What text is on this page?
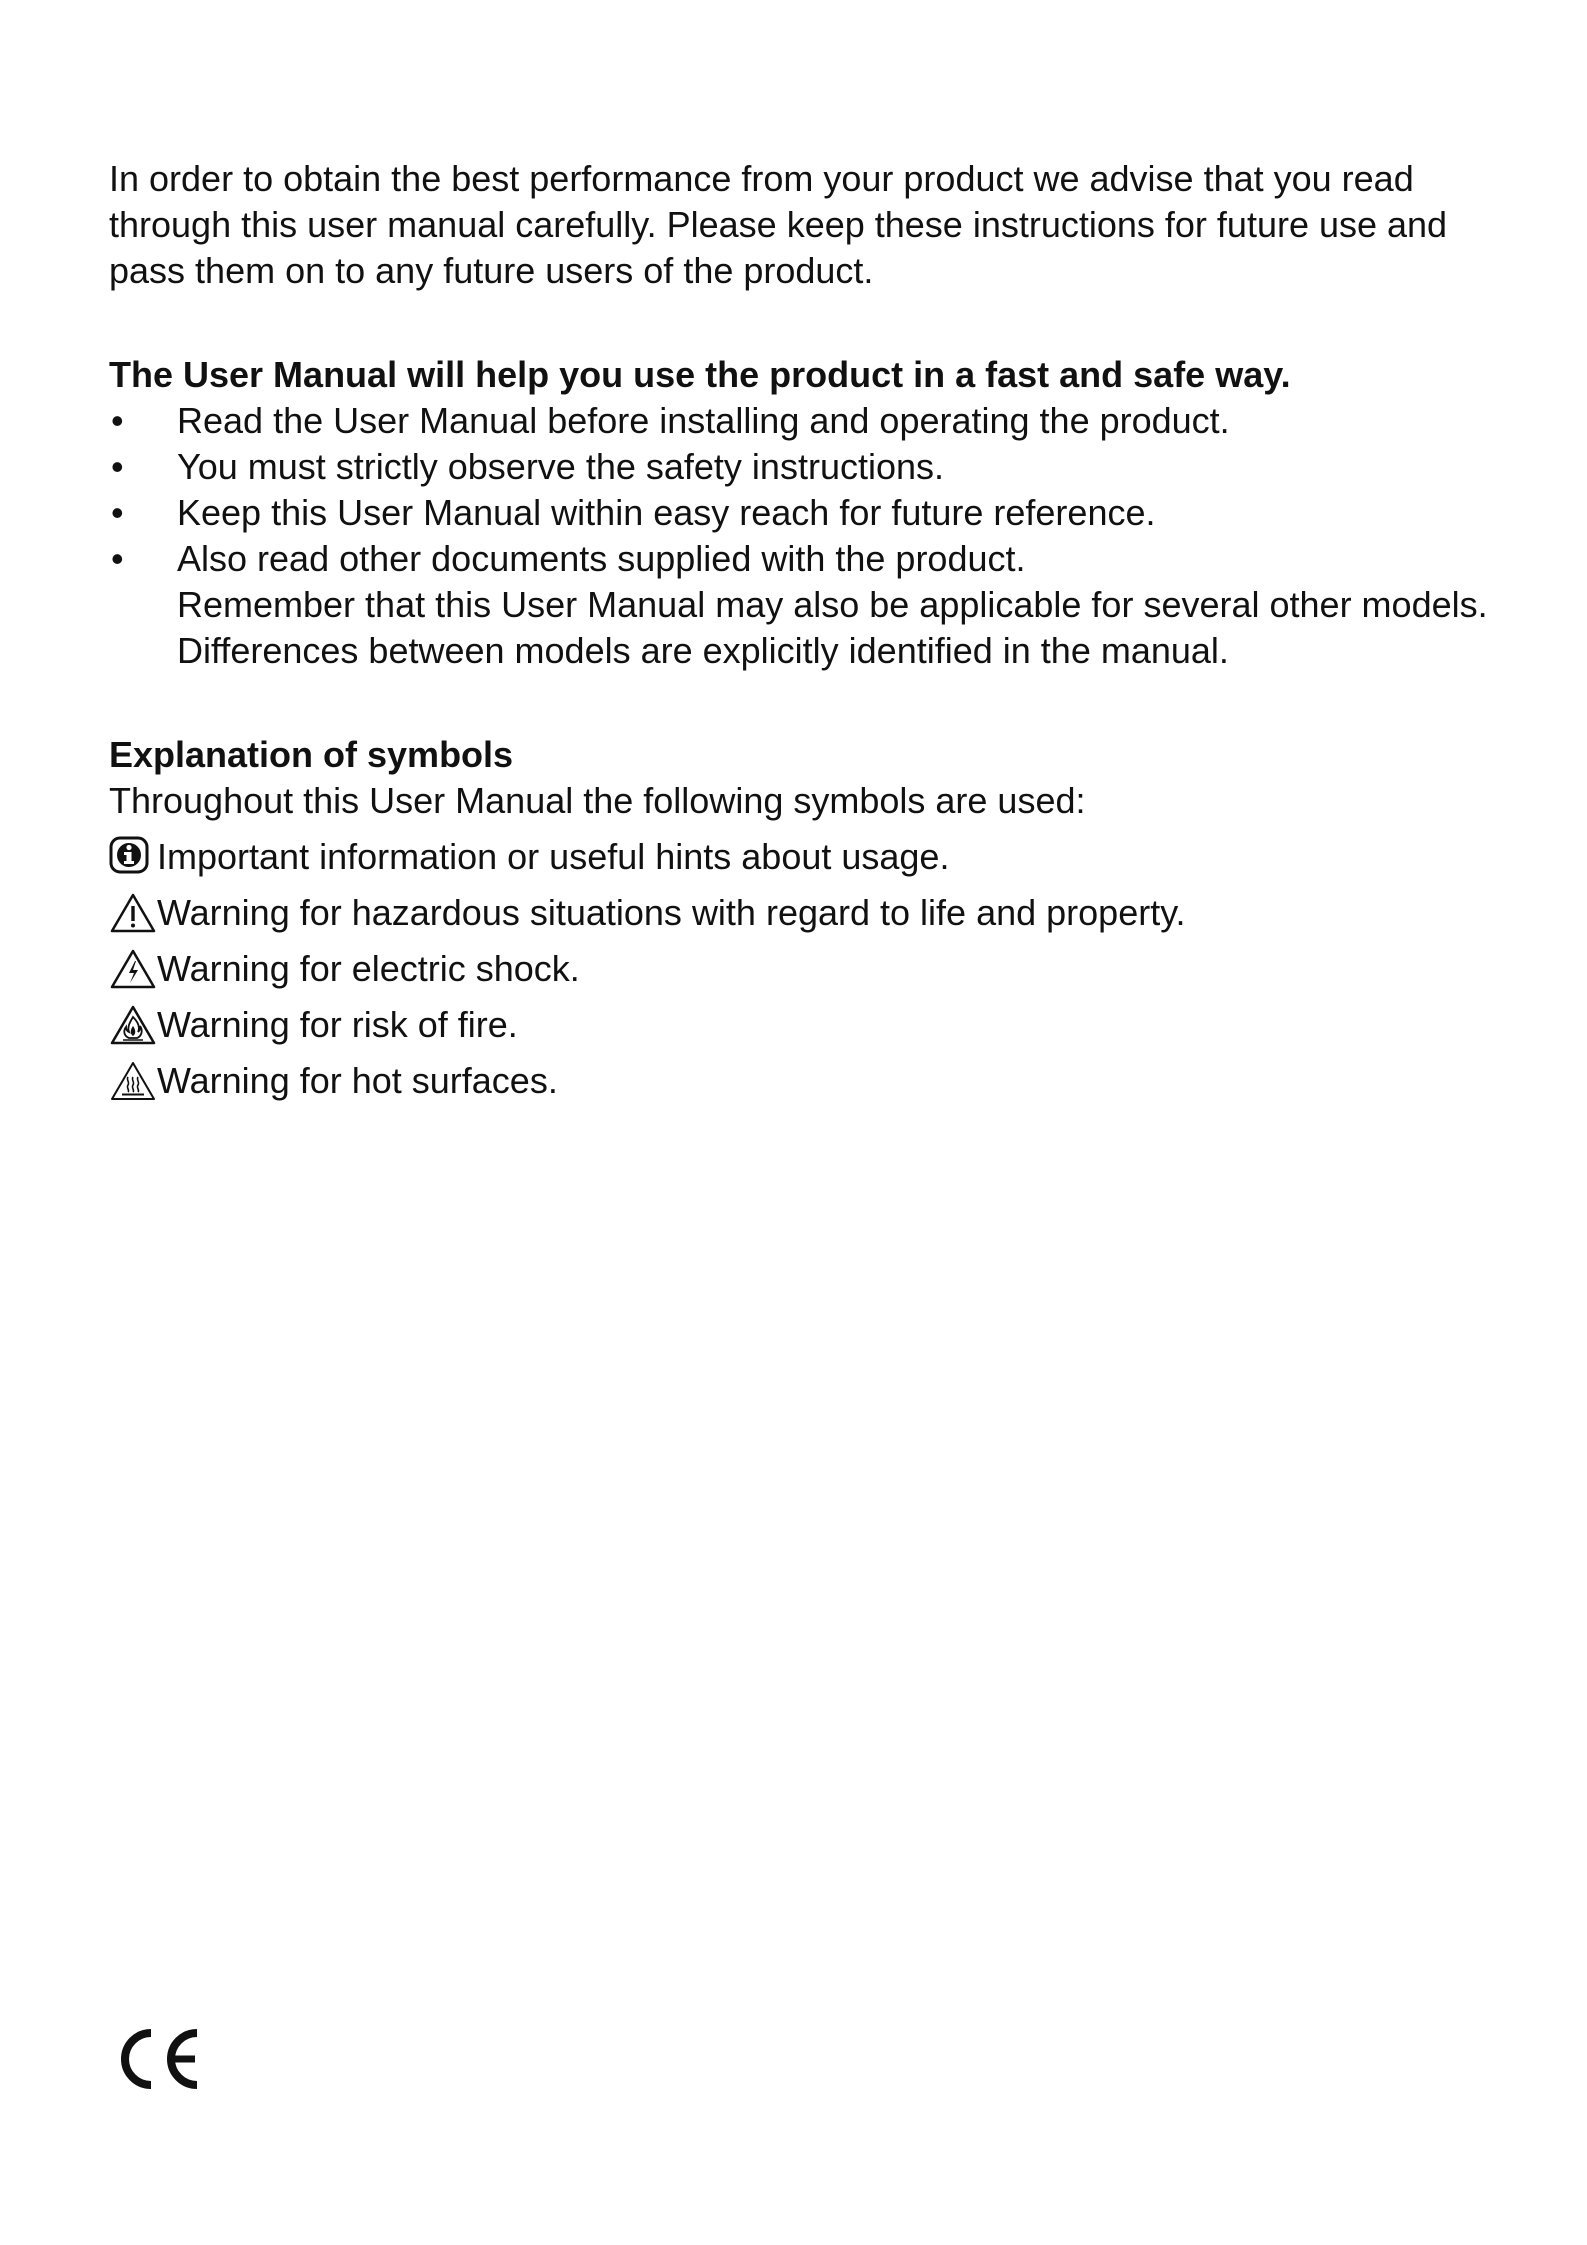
In order to obtain the best performance from your product we advise that you read through this user manual carefully. Please keep these instructions for future use and pass them on to any future users of the product.

The User Manual will help you use the product in a fast and safe way.

• Read the User Manual before installing and operating the product.
• You must strictly observe the safety instructions.
• Keep this User Manual within easy reach for future reference.
• Also read other documents supplied with the product.
Remember that this User Manual may also be applicable for several other models.
Differences between models are explicitly identified in the manual.

Explanation of symbols

Throughout this User Manual the following symbols are used:
Important information or useful hints about usage.
Warning for hazardous situations with regard to life and property.
Warning for electric shock.
Warning for risk of fire.
Warning for hot surfaces.
